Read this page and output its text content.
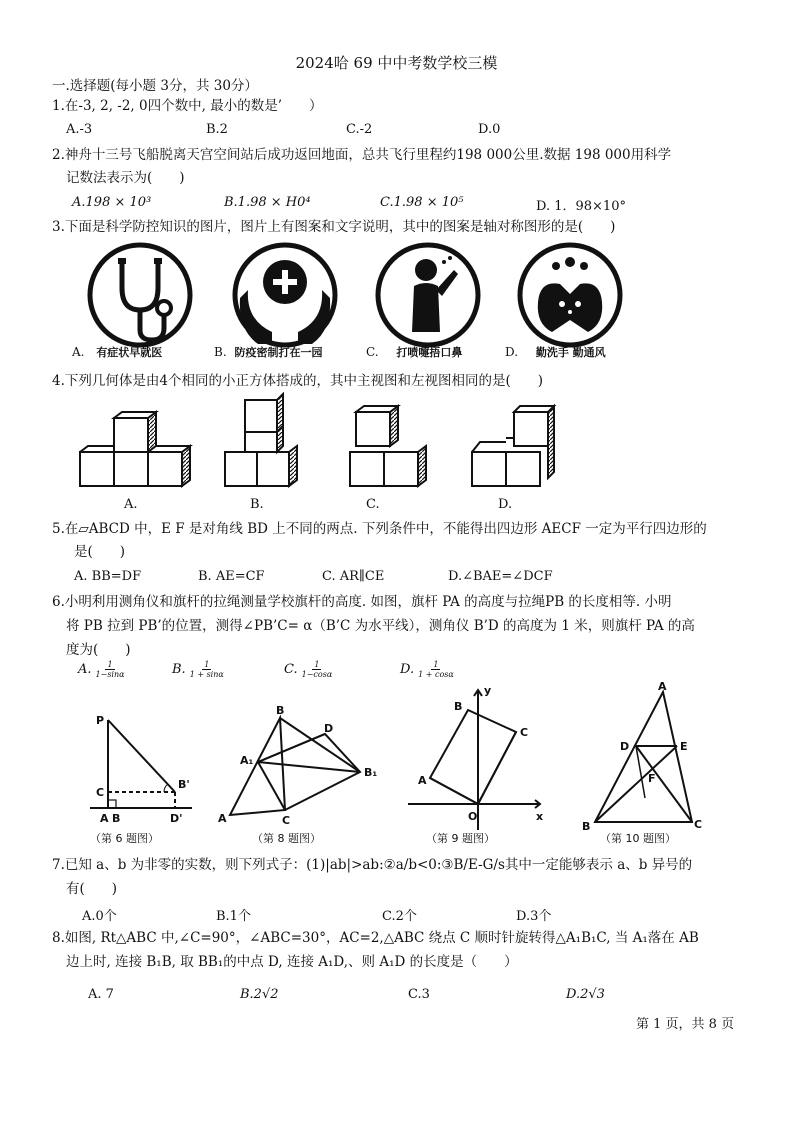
2024哈 69 中中考数学校三模
一.选择题(每小题 3分，共 30分）
1.在-3, 2, -2, 0四个数中, 最小的数是’　　）
A.-3	B.2	C.-2	D.0
2.神舟十三号飞船脱离天宫空间站后成功返回地面，总共飞行里程约198 000公里.数据 198 000用科学
记数法表示为(　　)
A.198 × 10³	B.1.98 × H0⁴	C.1.98 × 10⁵	D. 1．98×10°
3.下面是科学防控知识的图片，图片上有图案和文字说明，其中的图案是轴对称图形的是(　　)
A. 有症状早就医	B. 防疫密制打在一园	C. 打喷嚏捂口鼻	D. 勤洗手 勤通风
4.下列几何体是由4个相同的小正方体搭成的，其中主视图和左视图相同的是(　　)
A.	B.	C.	D.
5.在▱ABCD 中，E F 是对角线 BD 上不同的两点. 下列条件中，不能得出四边形 AECF 一定为平行四边形的
是(　　)
A. BB=DF	B. AE=CF	C. AR∥CE	D.∠BAE=∠DCF
6.小明利用测角仪和旗杆的拉绳测量学校旗杆的高度. 如图，旗杆 PA 的高度与拉绳PB 的长度相等. 小明
将 PB 拉到 PB’的位置，测得∠PB’C= α（B’C 为水平线），测角仪 B’D 的高度为 1 米，则旗杆 PA 的高
度为(　　)
A. $\frac{1}{1-\sin\alpha}$	B. $\frac{1}{1 + \sin\alpha}$	C. $\frac{1}{1-\cos\alpha}$	D. $\frac{1}{1 + \cos\alpha}$
P
B'
C
A B	D'
（第 6 题图）
B
D
A₁
B₁
A	C
（第 8 题图）
y
B
C
A
O	x
（第 9 题图）
A
D	E
F
B	C
（第 10 题图）
7.已知 a、b 为非零的实数，则下列式子：(1)|ab|>ab:②a/b<0:③B/E-G/s其中一定能够表示 a、b 异号的
有(　　)
A.0个	B.1个	C.2个	D.3个
8.如图, Rt△ABC 中,∠C=90°，∠ABC=30°，AC=2,△ABC 绕点 C 顺时针旋转得△A₁B₁C, 当 A₁落在 AB
边上时, 连接 B₁B, 取 BB₁的中点 D, 连接 A₁D,、则 A₁D 的长度是（　　）
A. 7	B.2√2	C.3	D.2√3
第 1 页，共 8 页
